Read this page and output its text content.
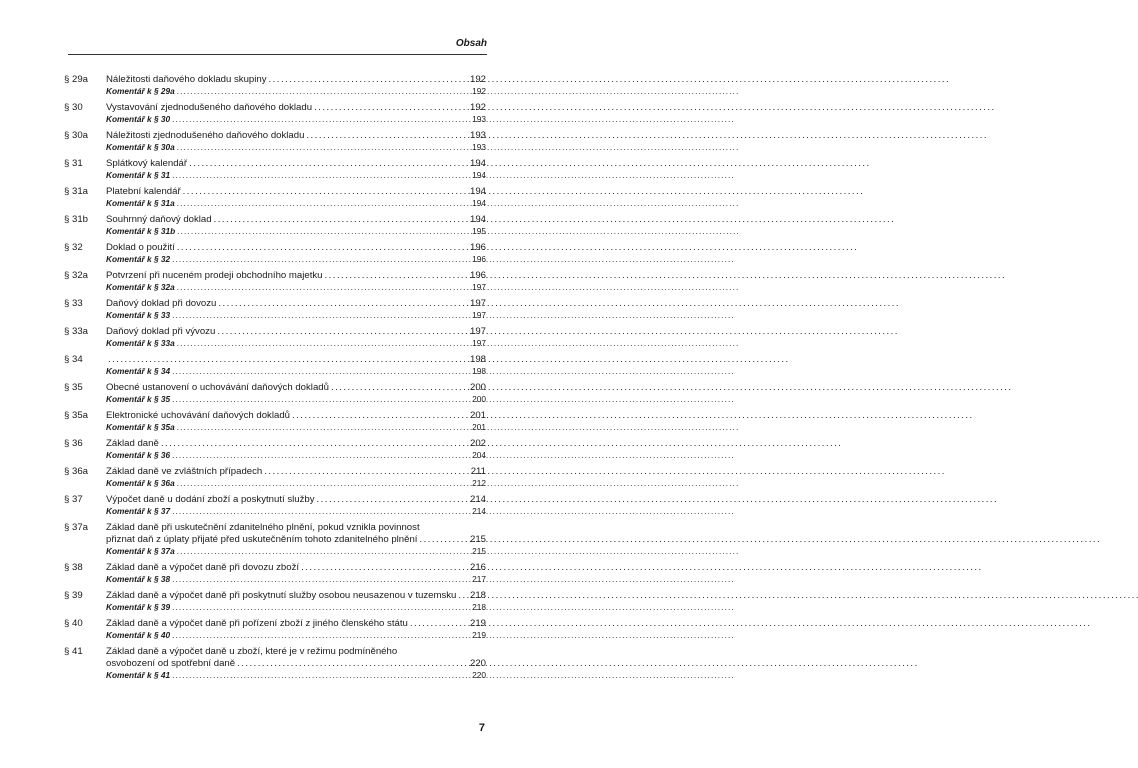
Obsah
§ 29a	Náležitosti daňového dokladu skupiny . . .	192
Komentář k § 29a . . .	192
§ 30	Vystavování zjednodušeného daňového dokladu . . .	192
Komentář k § 30 . . .	193
§ 30a	Náležitosti zjednodušeného daňového dokladu . . .	193
Komentář k § 30a . . .	193
§ 31	Splátkový kalendář . . .	194
Komentář k § 31 . . .	194
§ 31a	Platební kalendář . . .	194
Komentář k § 31a . . .	194
§ 31b	Souhrnný daňový doklad . . .	194
Komentář k § 31b . . .	195
§ 32	Doklad o použití . . .	196
Komentář k § 32 . . .	196
§ 32a	Potvrzení při nuceném prodeji obchodního majetku . . .	196
Komentář k § 32a . . .	197
§ 33	Daňový doklad při dovozu . . .	197
Komentář k § 33 . . .	197
§ 33a	Daňový doklad při vývozu . . .	197
Komentář k § 33a . . .	197
§ 34 . . .	198
Komentář k § 34 . . .	198
§ 35	Obecné ustanovení o uchovávání daňových dokladů . . .	200
Komentář k § 35 . . .	200
§ 35a	Elektronické uchovávání daňových dokladů . . .	201
Komentář k § 35a . . .	201
§ 36	Základ daně . . .	202
Komentář k § 36 . . .	204
§ 36a	Základ daně ve zvláštních případech . . .	211
Komentář k § 36a . . .	212
§ 37	Výpočet daně u dodání zboží a poskytnutí služby . . .	214
Komentář k § 37 . . .	214
§ 37a	Základ daně při uskutečnění zdanitelného plnění, pokud vznikla povinnost
přiznat daň z úplaty přijaté před uskutečněním tohoto zdanitelného plnění . . .	215
Komentář k § 37a . . .	215
§ 38	Základ daně a výpočet daně při dovozu zboží . . .	216
Komentář k § 38 . . .	217
§ 39	Základ daně a výpočet daně při poskytnutí služby osobou neusazenou v tuzemsku . . . 218
Komentář k § 39 . . .	218
§ 40	Základ daně a výpočet daně při pořízení zboží z jiného členského státu . . .	219
Komentář k § 40 . . .	219
§ 41	Základ daně a výpočet daně u zboží, které je v režimu podmíněného
osvobození od spotřební daně . . .	220
Komentář k § 41 . . .	220
7
